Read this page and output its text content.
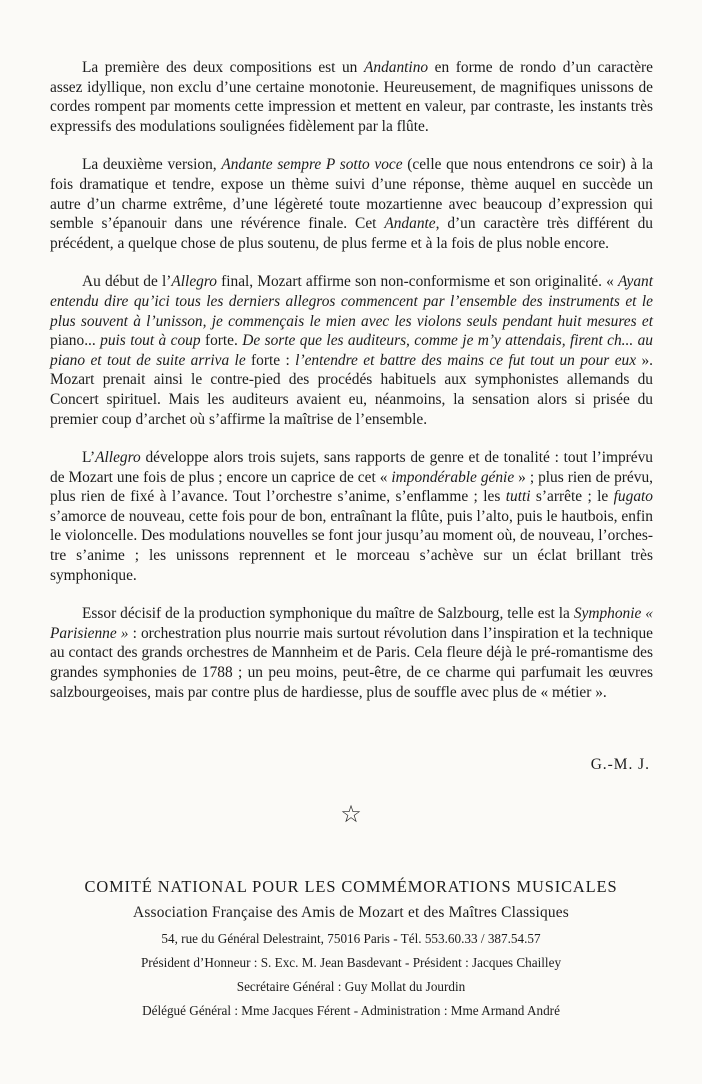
La première des deux compositions est un Andantino en forme de rondo d’un caractère assez idyllique, non exclu d’une certaine monotonie. Heureusement, de magnifiques unissons de cordes rompent par moments cette impression et mettent en valeur, par contraste, les instants très expressifs des modulations soulignées fidèlement par la flûte.

La deuxième version, Andante sempre P sotto voce (celle que nous entendrons ce soir) à la fois dramatique et tendre, expose un thème suivi d’une réponse, thème auquel en succède un autre d’un charme extrême, d’une légèreté toute mozartienne avec beaucoup d’expression qui semble s’épanouir dans une révérence finale. Cet Andante, d’un caractère très différent du précédent, a quelque chose de plus soutenu, de plus ferme et à la fois de plus noble encore.

Au début de l’Allegro final, Mozart affirme son non-conformisme et son originalité. « Ayant entendu dire qu’ici tous les derniers allegros commencent par l’ensemble des instruments et le plus souvent à l’unisson, je commençais le mien avec les violons seuls pendant huit mesures et piano... puis tout à coup forte. De sorte que les auditeurs, comme je m’y attendais, firent ch... au piano et tout de suite arriva le forte : l’entendre et battre des mains ce fut tout un pour eux ». Mozart prenait ainsi le contre-pied des procédés habituels aux symphonistes allemands du Concert spirituel. Mais les auditeurs avaient eu, néanmoins, la sensation alors si prisée du premier coup d’archet où s’affirme la maîtrise de l’ensemble.

L’Allegro développe alors trois sujets, sans rapports de genre et de tonalité : tout l’imprévu de Mozart une fois de plus ; encore un caprice de cet « impondérable génie » ; plus rien de prévu, plus rien de fixé à l’avance. Tout l’orchestre s’anime, s’enflamme ; les tutti s’arrête ; le fugato s’amorce de nouveau, cette fois pour de bon, entraînant la flûte, puis l’alto, puis le hautbois, enfin le violoncelle. Des modulations nouvelles se font jour jusqu’au moment où, de nouveau, l’orchestre s’anime ; les unissons reprennent et le morceau s’achève sur un éclat brillant très symphonique.

Essor décisif de la production symphonique du maître de Salzbourg, telle est la Symphonie « Parisienne » : orchestration plus nourrie mais surtout révolution dans l’inspiration et la technique au contact des grands orchestres de Mannheim et de Paris. Cela fleure déjà le pré-romantisme des grandes symphonies de 1788 ; un peu moins, peut-être, de ce charme qui parfumait les œuvres salzbourgeoises, mais par contre plus de hardiesse, plus de souffle avec plus de « métier ».

G.-M. J.
☆
COMITÉ NATIONAL POUR LES COMMÉMORATIONS MUSICALES
Association Française des Amis de Mozart et des Maîtres Classiques
54, rue du Général Delestraint, 75016 Paris - Tél. 553.60.33 / 387.54.57
Président d’Honneur : S. Exc. M. Jean Basdevant - Président : Jacques Chailley
Secrétaire Général : Guy Mollat du Jourdin
Délégué Général : Mme Jacques Férent - Administration : Mme Armand André
